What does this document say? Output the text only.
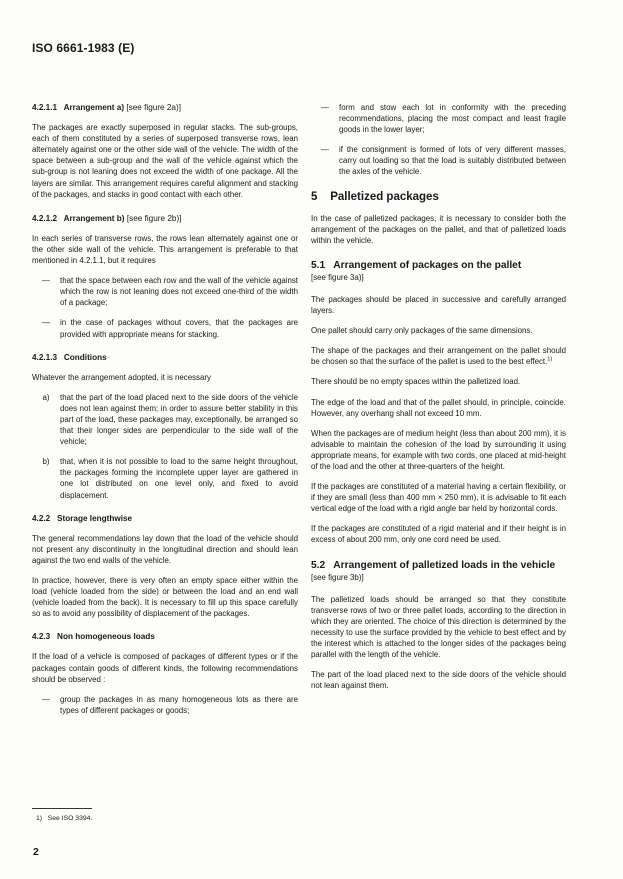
ISO 6661-1983 (E)
4.2.1.1 Arrangement a) [see figure 2a)]

The packages are exactly superposed in regular stacks. The sub-groups, each of them constituted by a series of superposed transverse rows, lean alternately against one or the other side wall of the vehicle. The width of the space between a sub-group and the wall of the vehicle against which the sub-group is not leaning does not exceed the width of one package. All the layers are similar. This arrangement requires careful alignment and stacking of the packages, and stacks in good contact with each other.

4.2.1.2 Arrangement b) [see figure 2b)]

In each series of transverse rows, the rows lean alternately against one or the other side wall of the vehicle. This arrangement is preferable to that mentioned in 4.2.1.1, but it requires

—	that the space between each row and the wall of the vehicle against which the row is not leaning does not exceed one-third of the width of a package;
—	in the case of packages without covers, that the packages are provided with appropriate means for stacking.
4.2.1.3 Conditions

Whatever the arrangement adopted, it is necessary

a)	that the part of the load placed next to the side doors of the vehicle does not lean against them; in order to assure better stability in this part of the load, these packages may, exceptionally, be arranged so that their longer sides are perpendicular to the side wall of the vehicle;
b)	that, when it is not possible to load to the same height throughout, the packages forming the incomplete upper layer are gathered in one lot distributed on one level only, and fixed to avoid displacement.
4.2.2 Storage lengthwise

The general recommendations lay down that the load of the vehicle should not present any discontinuity in the longitudinal direction and should lean against the two end walls of the vehicle.

In practice, however, there is very often an empty space either within the load (vehicle loaded from the side) or between the load and an end wall (vehicle loaded from the back). It is necessary to fill up this space carefully so as to avoid any possibility of displacement of the packages.

4.2.3 Non homogeneous loads

If the load of a vehicle is composed of packages of different types or if the packages contain goods of different kinds, the following recommendations should be observed :

—	group the packages in as many homogeneous lots as there are types of different packages or goods;
—	form and stow each lot in conformity with the preceding recommendations, placing the most compact and least fragile goods in the lower layer;
—	if the consignment is formed of lots of very different masses, carry out loading so that the load is suitably distributed between the axles of the vehicle.
5 Palletized packages

In the case of palletized packages, it is necessary to consider both the arrangement of the packages on the pallet, and that of palletized loads within the vehicle.

5.1 Arrangement of packages on the pallet
[see figure 3a)]

The packages should be placed in successive and carefully arranged layers.

One pallet should carry only packages of the same dimensions.

The shape of the packages and their arrangement on the pallet should be chosen so that the surface of the pallet is used to the best effect.$^{1)}$

There should be no empty spaces within the palletized load.

The edge of the load and that of the pallet should, in principle, coincide. However, any overhang shall not exceed 10 mm.

When the packages are of medium height (less than about 200 mm), it is advisable to maintain the cohesion of the load by surrounding it using appropriate means, for example with two cords, one placed at mid-height of the load and the other at three-quarters of the height.

If the packages are constituted of a material having a certain flexibility, or if they are small (less than 400 mm × 250 mm), it is advisable to fit each vertical edge of the load with a rigid angle bar held by horizontal cords.

If the packages are constituted of a rigid material and if their height is in excess of about 200 mm, only one cord need be used.

5.2 Arrangement of palletized loads in the vehicle [see figure 3b)]

The palletized loads should be arranged so that they constitute transverse rows of two or three pallet loads, according to the direction in which they are oriented. The choice of this direction is determined by the necessity to use the surface provided by the vehicle to best effect and by the interest which is attached to the longer sides of the packages being parallel with the length of the vehicle.

The part of the load placed next to the side doors of the vehicle should not lean against them.

1) See ISO 3394.
2
